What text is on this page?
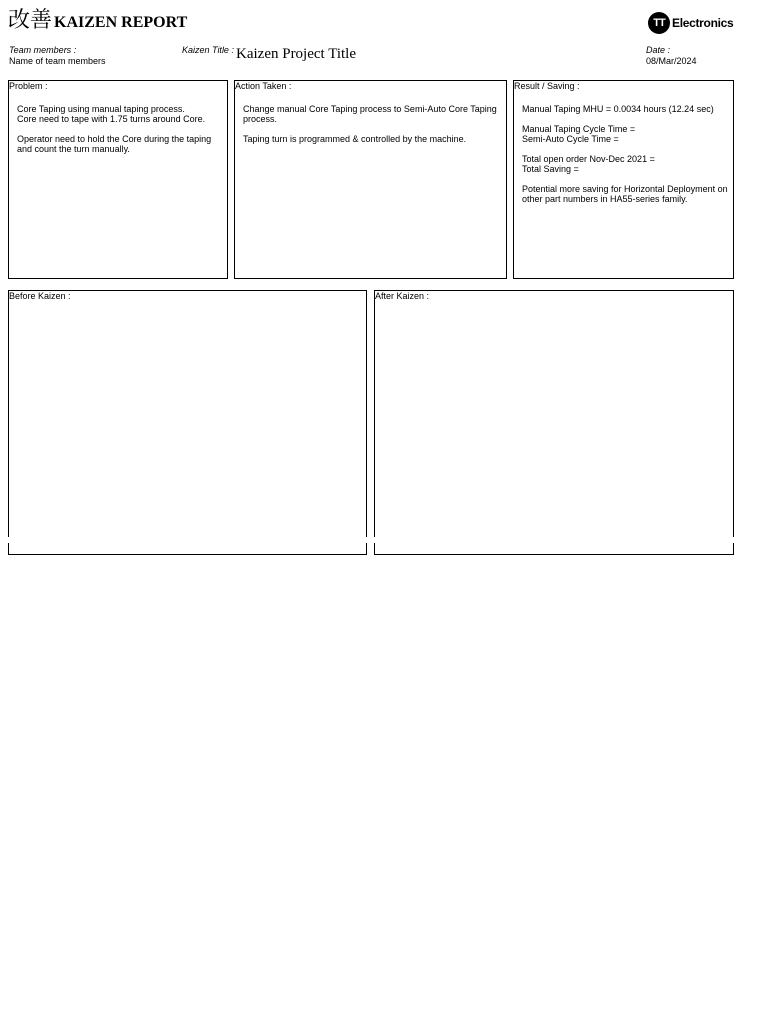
改善 KAIZEN REPORT	TT Electronics
Team members :
Name of team members
Kaizen Title : Kaizen Project Title	Date :
08/Mar/2024
Problem :

Core Taping using manual taping process.
Core need to tape with 1.75 turns around Core.

Operator need to hold the Core during the taping and count the turn manually.

Action Taken :

Change manual Core Taping process to Semi-Auto Core Taping process.

Taping turn is programmed & controlled by the machine.

Result / Saving :

Manual Taping MHU = 0.0034 hours (12.24 sec)

Manual Taping Cycle Time =
Semi-Auto Cycle Time =

Total open order Nov-Dec 2021 =
Total Saving =

Potential more saving for Horizontal Deployment on other part numbers in HA55-series family.

Before Kaizen :	After Kaizen :
